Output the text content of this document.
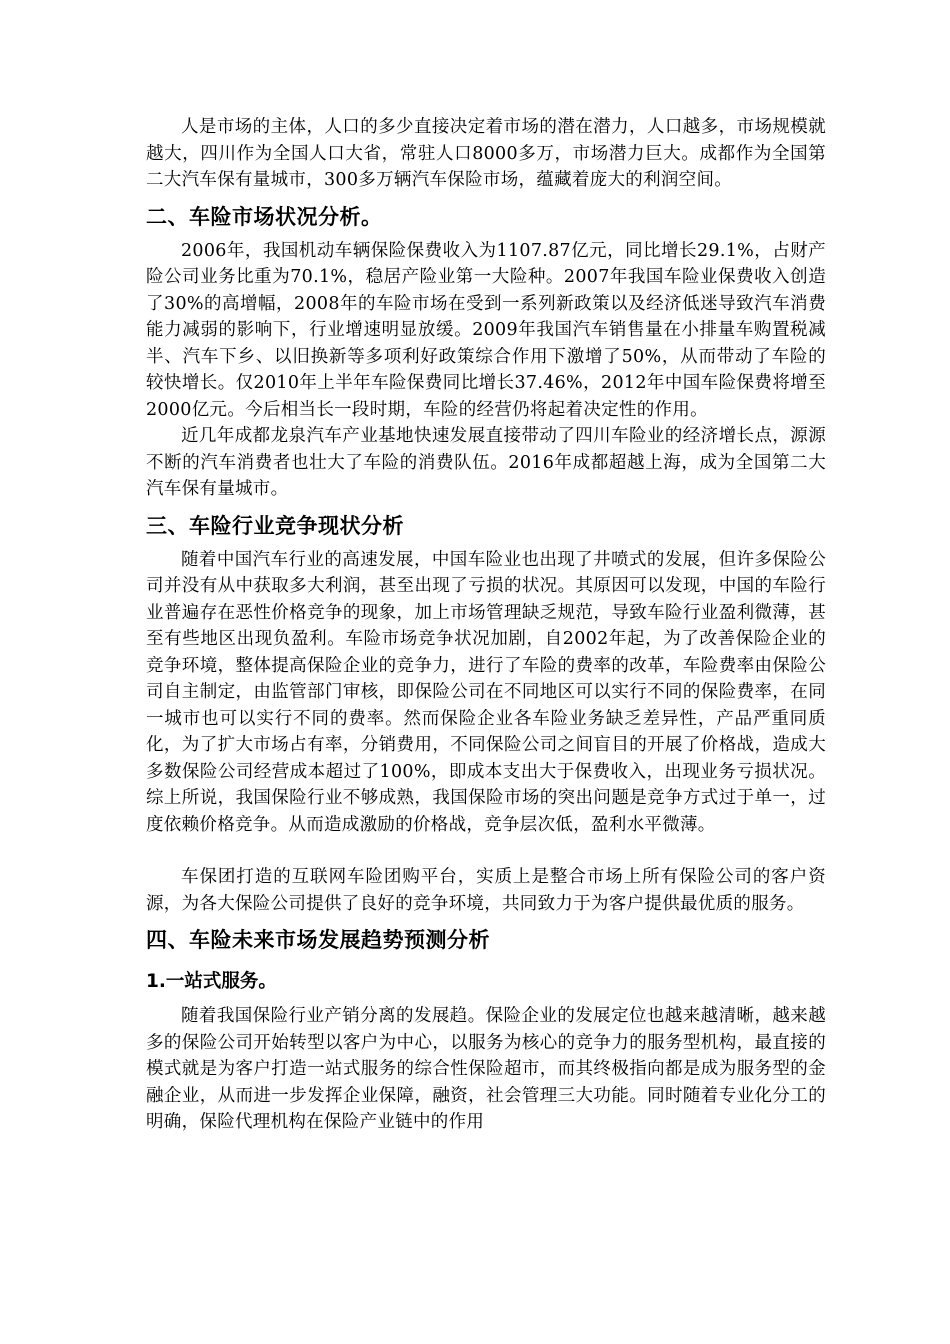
人是市场的主体，人口的多少直接决定着市场的潜在潜力，人口越多，市场规模就越大，四川作为全国人口大省，常驻人口8000多万，市场潜力巨大。成都作为全国第二大汽车保有量城市，300多万辆汽车保险市场，蕴藏着庞大的利润空间。

二、车险市场状况分析。

2006年，我国机动车辆保险保费收入为1107.87亿元，同比增长29.1%，占财产险公司业务比重为70.1%，稳居产险业第一大险种。2007年我国车险业保费收入创造了30%的高增幅，2008年的车险市场在受到一系列新政策以及经济低迷导致汽车消费能力减弱的影响下，行业增速明显放缓。2009年我国汽车销售量在小排量车购置税减半、汽车下乡、以旧换新等多项利好政策综合作用下激增了50%，从而带动了车险的较快增长。仅2010年上半年车险保费同比增长37.46%，2012年中国车险保费将增至2000亿元。今后相当长一段时期，车险的经营仍将起着决定性的作用。

近几年成都龙泉汽车产业基地快速发展直接带动了四川车险业的经济增长点，源源不断的汽车消费者也壮大了车险的消费队伍。2016年成都超越上海，成为全国第二大汽车保有量城市。

三、车险行业竞争现状分析

随着中国汽车行业的高速发展，中国车险业也出现了井喷式的发展，但许多保险公司并没有从中获取多大利润，甚至出现了亏损的状况。其原因可以发现，中国的车险行业普遍存在恶性价格竞争的现象，加上市场管理缺乏规范，导致车险行业盈利微薄，甚至有些地区出现负盈利。车险市场竞争状况加剧，自2002年起，为了改善保险企业的竞争环境，整体提高保险企业的竞争力，进行了车险的费率的改革，车险费率由保险公司自主制定，由监管部门审核，即保险公司在不同地区可以实行不同的保险费率，在同一城市也可以实行不同的费率。然而保险企业各车险业务缺乏差异性，产品严重同质化，为了扩大市场占有率，分销费用，不同保险公司之间盲目的开展了价格战，造成大多数保险公司经营成本超过了100%，即成本支出大于保费收入，出现业务亏损状况。综上所说，我国保险行业不够成熟，我国保险市场的突出问题是竞争方式过于单一，过度依赖价格竞争。从而造成激励的价格战，竞争层次低，盈利水平微薄。

车保团打造的互联网车险团购平台，实质上是整合市场上所有保险公司的客户资源，为各大保险公司提供了良好的竞争环境，共同致力于为客户提供最优质的服务。

四、车险未来市场发展趋势预测分析
1.一站式服务。

随着我国保险行业产销分离的发展趋。保险企业的发展定位也越来越清晰，越来越多的保险公司开始转型以客户为中心，以服务为核心的竞争力的服务型机构，最直接的模式就是为客户打造一站式服务的综合性保险超市，而其终极指向都是成为服务型的金融企业，从而进一步发挥企业保障，融资，社会管理三大功能。同时随着专业化分工的明确，保险代理机构在保险产业链中的作用
